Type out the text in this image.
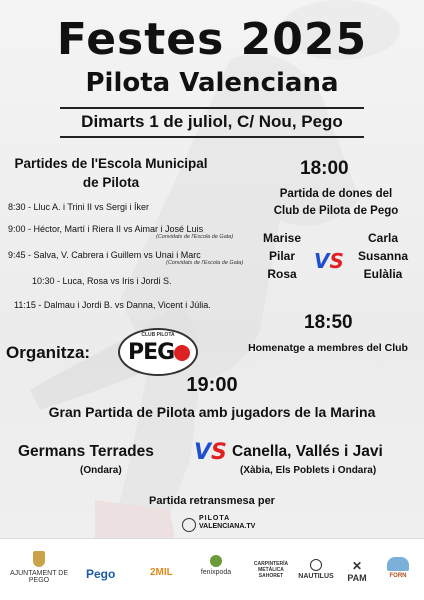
Festes 2025
Pilota Valenciana
Dimarts 1 de juliol, C/ Nou, Pego
Partides de l'Escola Municipal
de Pilota
8:30 - Lluc A. i Trini II vs Sergi i Íker
9:00 - Héctor, Martí i Riera II vs Aimar i José Luis
(Convidats de l'Escola de Gata)
9:45 - Salva, V. Cabrera i Guillem vs Unai i Marc
(Convidats de l'Escola de Gata)
10:30 - Luca, Rosa vs Iris i Jordi S.
11:15 - Dalmau i Jordi B. vs Danna, Vicent i Júlia.
18:00
Partida de dones del
Club de Pilota de Pego
Marise
Pilar
Rosa
VS
Carla
Susanna
Eulàlia
18:50
Homenatge a membres del Club
Organitza:
CLUB PILOTA
PEG
19:00
Gran Partida de Pilota amb jugadors de la Marina
Germans Terrades
(Ondara)
VS Canella, Vallés i Javi
(Xàbia, Els Poblets i Ondara)
Partida retransmesa per
PILOTA
VALENCIANA.TV
AJUNTAMENT DE PEGO	Pego	2MIL	fenixpoda
CARPINTERÍA METÁLICA SAHORET	NAUTILUS
✕
PAM	FORN
